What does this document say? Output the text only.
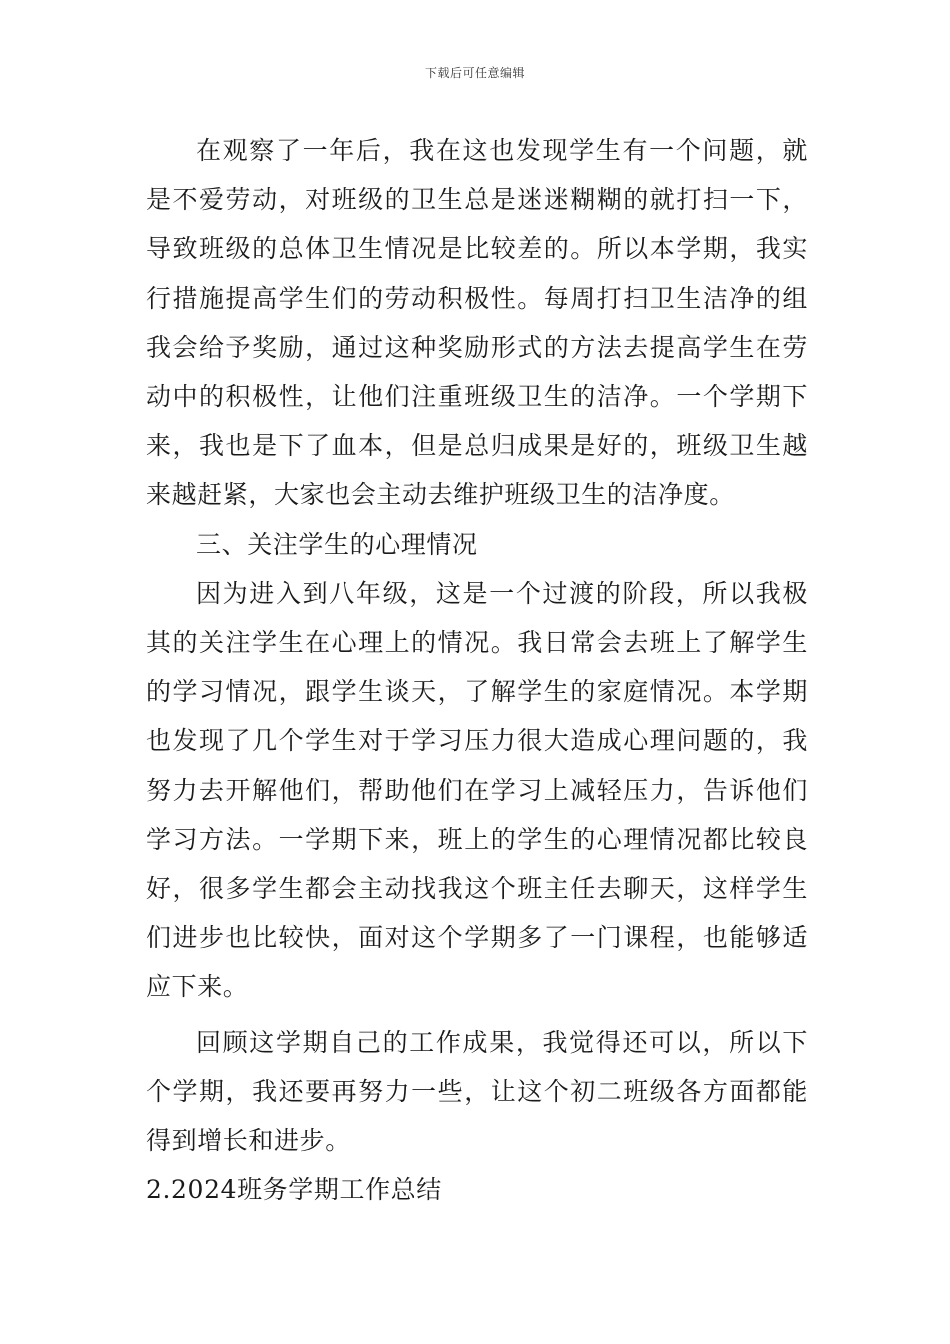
下载后可任意编辑

在观察了一年后，我在这也发现学生有一个问题，就是不爱劳动，对班级的卫生总是迷迷糊糊的就打扫一下，导致班级的总体卫生情况是比较差的。所以本学期，我实行措施提高学生们的劳动积极性。每周打扫卫生洁净的组我会给予奖励，通过这种奖励形式的方法去提高学生在劳动中的积极性，让他们注重班级卫生的洁净。一个学期下来，我也是下了血本，但是总归成果是好的，班级卫生越来越赶紧，大家也会主动去维护班级卫生的洁净度。

三、关注学生的心理情况

因为进入到八年级，这是一个过渡的阶段，所以我极其的关注学生在心理上的情况。我日常会去班上了解学生的学习情况，跟学生谈天，了解学生的家庭情况。本学期也发现了几个学生对于学习压力很大造成心理问题的，我努力去开解他们，帮助他们在学习上减轻压力，告诉他们学习方法。一学期下来，班上的学生的心理情况都比较良好，很多学生都会主动找我这个班主任去聊天，这样学生们进步也比较快，面对这个学期多了一门课程，也能够适应下来。

回顾这学期自己的工作成果，我觉得还可以，所以下个学期，我还要再努力一些，让这个初二班级各方面都能得到增长和进步。

2.2024班务学期工作总结
